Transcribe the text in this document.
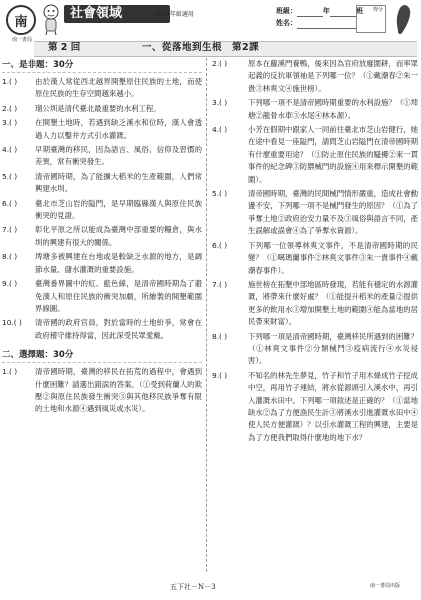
南
南一書局
社會領域	國小5年級適用	班級：	年	班
姓名：
得分
第 2 回	一、從落地到生根　第2課
一、是非題：30分
1.( )	由於漢人常從西北越界開墾原住民族的土地，而使原住民族的生存空間越來越小。
2.( )	瑠公圳是清代臺北最重要的水利工程。
3.( )	在開墾土地時，若遇到缺乏溪水和位時，漢人會透過人力以鑿井方式引水灌溉。
4.( )	早期臺灣的移民，因為語言、風俗、信仰及習慣的差異，常有衝突發生。
5.( )	清帝國時期，為了能擴大稻米的生產範圍，人們常興建水圳。
6.( )	臺北市芝山岩的隘門，是早期臨縣漢人與原住民族衝突的見證。
7.( )	彰化平原之所以能成為臺灣中部重要的糧倉，與水圳的興建有很大的關係。
8.( )	埤塘多被興建在台地或是較缺乏水源的地方，是調節水量、儲水灌溉的重要設施。
9.( )	臺灣番界圖中的紅、藍色線，是清帝國時期為了避免漢人和原住民族的衝突加劇，所繪製的開墾範圍界線圖。
10.( )	清帝國的政府官員，對於當時的土地紛爭，常會在政府稽守維持得當，因此深受民眾愛戴。
二、選擇題：30分
1.( )	清帝國時期，臺灣的移民在拓荒的過程中，會遇到什麼困難？請選出錯誤的答案。（①受到荷蘭人的欺壓②與原住民族發生衝突③與其他移民族爭奪有限的土地和水源④遇到風災或水災）。
2.( )	原本在蘿溪門養鴨，後來因為官府放廢圍耕，而率眾起義的反抗軍領袖是下列哪一位？（①戴潮春②朱一貴③林爽文④施世榜）。
3.( )	下列哪一項不是清帝國時期重要的水利設施？（①埤塘②龍骨水車③水尾④林本源）。
4.( )	小芳在假期中跟家人一同前往臺北市芝山岩健行，她在途中看見一座隘門，請問芝山岩隘門在清帝國時期有什麼重要用途？（①防止原住民族的騷擾②來一貫事件的紀念碑③防禦械鬥的設施④用來標示開墾的範圍）。
5.( )	清帝國時期，臺灣的民間械鬥情形嚴重，造成社會動盪不安，下列哪一項不是械鬥發生的原因？（①為了爭奪土地②政府治安力量不及③風俗與語言不同，產生誤解或誤會④為了爭奪水資源）。
6.( )	下列哪一位領導林爽文事件，不是清帝國時期的民變？（①噶瑪蘭事件②林爽文事件③朱一貴事件④戴潮春事件）。
7.( )	施世榜在拓墾中部地區時發現，若能有穩定的水源灌溉，將帶來什麼好處？（①能提升稻米的產量②提供更多的飲用水③增加開墾土地的範圍④能為當地的居民帶來財富）。
8.( )	下列哪一項是清帝國時期，臺灣移民所遇到的困難？（①林爽文事件②分類械鬥③疫病流行④水災侵害）。
9.( )	不知名的林先生夢見，竹子和竹子用木條成竹子挖成中空，再用竹子連結，將水從源頭引入溪水中，再引入灌溉水田中。下列哪一項敘述是正確的？（①當地缺水②為了方便漁民生計③將溪水引進灌溉水田中④使人民方便灌溉）？以引水灌溉工程的興建，主要是為了方便我們取得什麼地的地下水？
五下社－N－3	南一書局出版
